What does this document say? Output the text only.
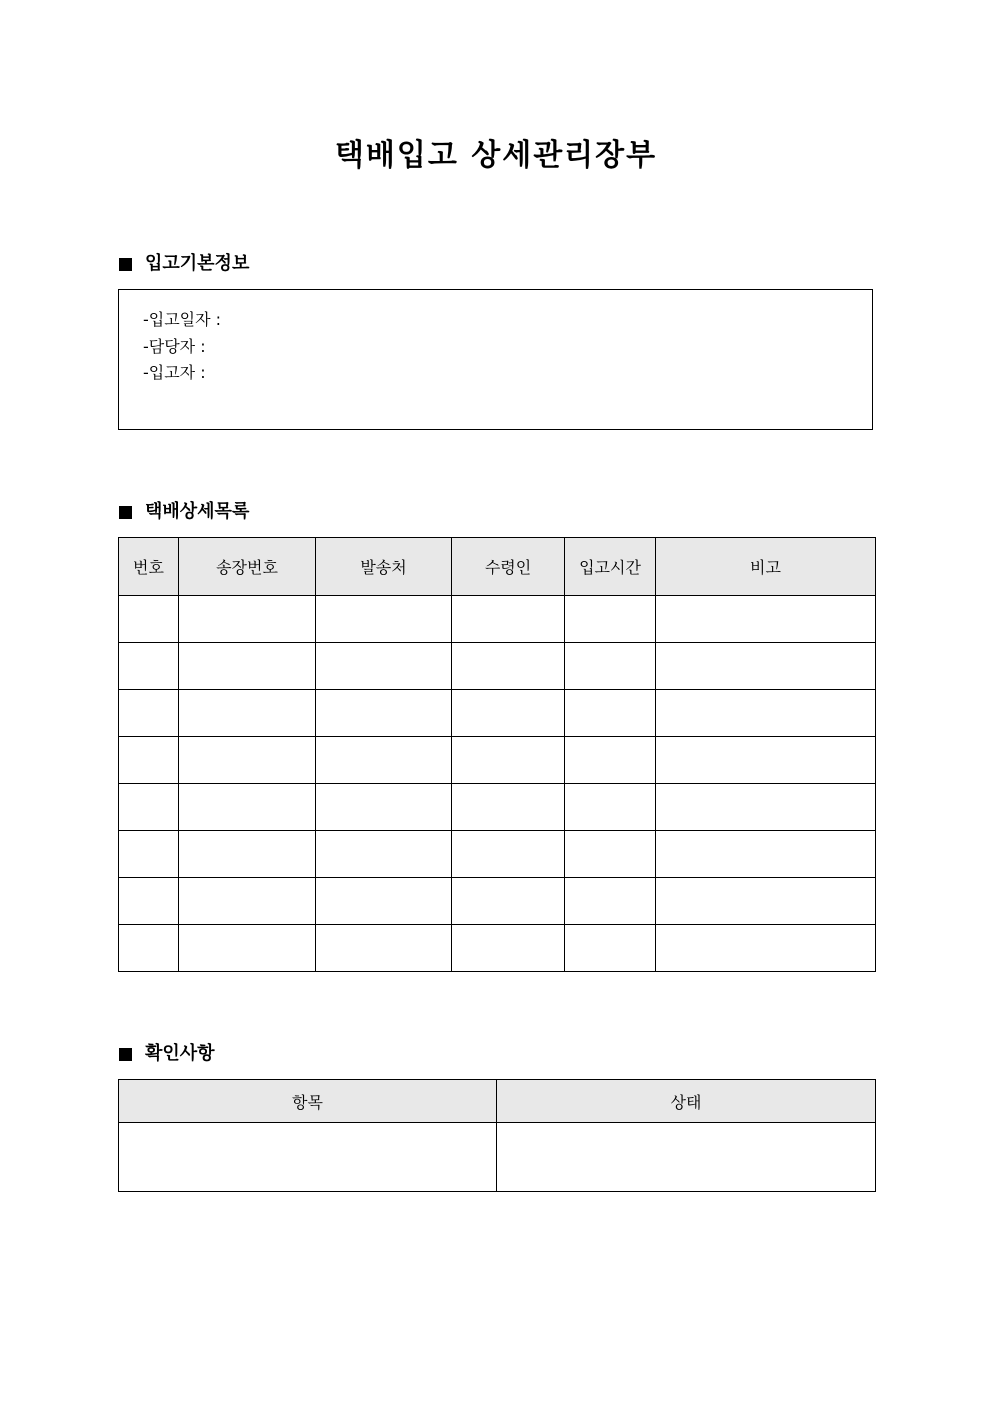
택배입고 상세관리장부
입고기본정보
-입고일자 :
-담당자 :
-입고자 :
택배상세목록
번호	송장번호	발송처	수령인	입고시간	비고

확인사항
항목	상태
